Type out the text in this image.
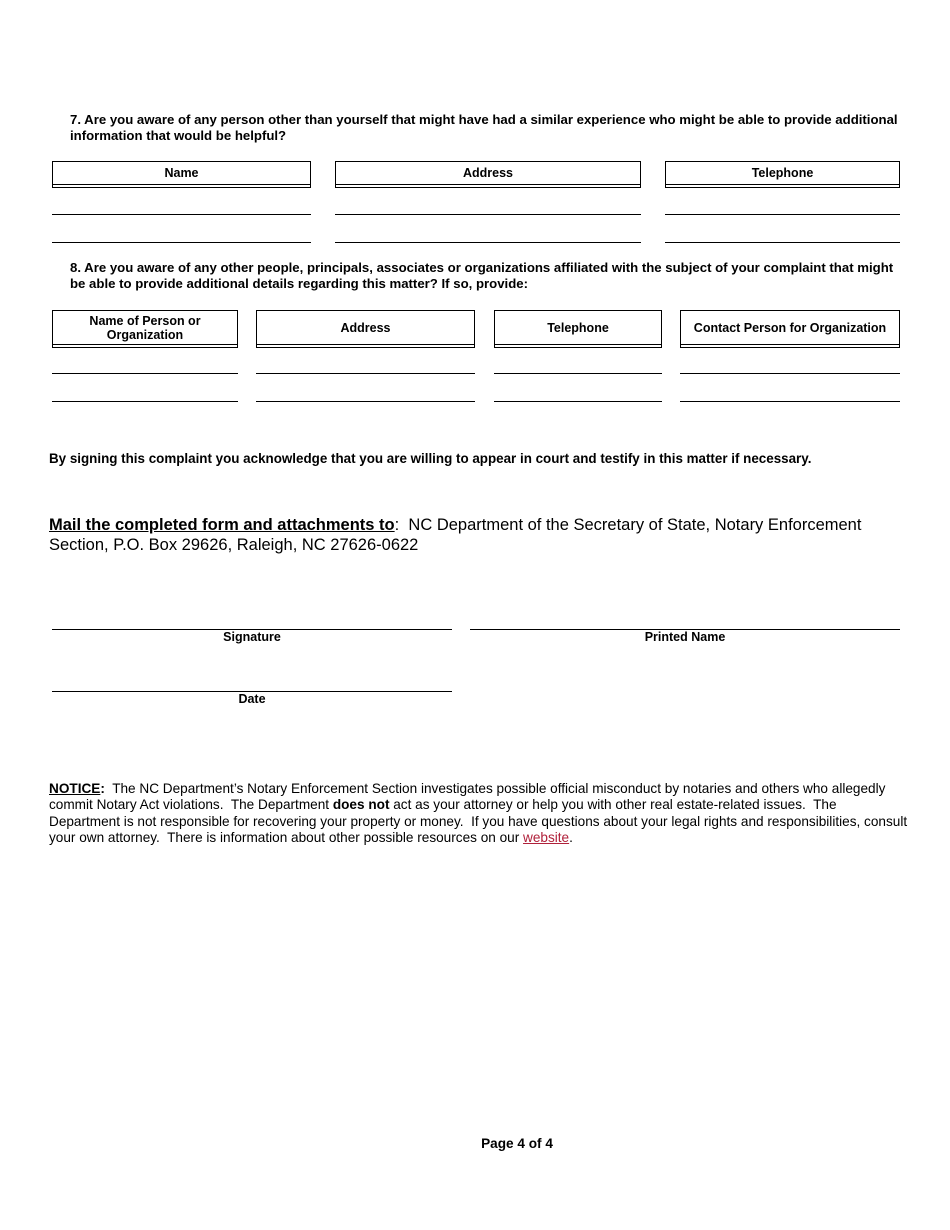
7. Are you aware of any person other than yourself that might have had a similar experience who might be able to provide additional information that would be helpful?
Name	Address	Telephone
8. Are you aware of any other people, principals, associates or organizations affiliated with the subject of your complaint that might be able to provide additional details regarding this matter? If so, provide:
Name of Person or Organization	Address	Telephone	Contact Person for Organization
By signing this complaint you acknowledge that you are willing to appear in court and testify in this matter if necessary.
Mail the completed form and attachments to:  NC Department of the Secretary of State, Notary Enforcement Section, P.O. Box 29626, Raleigh, NC 27626-0622
Signature	Printed Name
Date
NOTICE:  The NC Department’s Notary Enforcement Section investigates possible official misconduct by notaries and others who allegedly commit Notary Act violations.  The Department does not act as your attorney or help you with other real estate-related issues.  The Department is not responsible for recovering your property or money.  If you have questions about your legal rights and responsibilities, consult your own attorney.  There is information about other possible resources on our website.
Page 4 of 4
